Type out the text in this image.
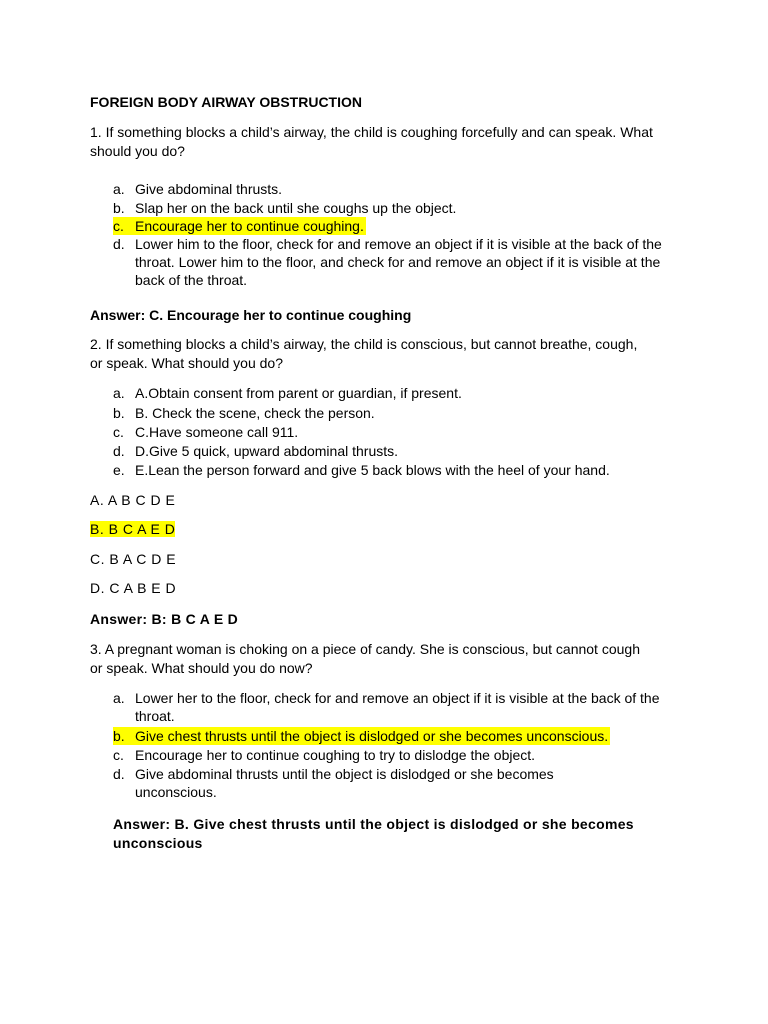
FOREIGN BODY AIRWAY OBSTRUCTION

1. If something blocks a child’s airway, the child is coughing forcefully and can speak. What should you do?

a. Give abdominal thrusts.
b. Slap her on the back until she coughs up the object.
c. Encourage her to continue coughing.
d. Lower him to the floor, check for and remove an object if it is visible at the back of the throat. Lower him to the floor, and check for and remove an object if it is visible at the back of the throat.

Answer: C. Encourage her to continue coughing

2. If something blocks a child’s airway, the child is conscious, but cannot breathe, cough, or speak. What should you do?

a. A.Obtain consent from parent or guardian, if present.
b. B. Check the scene, check the person.
c. C.Have someone call 911.
d. D.Give 5 quick, upward abdominal thrusts.
e. E.Lean the person forward and give 5 back blows with the heel of your hand.

A. A B C D E

B. B C A E D

C. B A C D E

D. C A B E D

Answer: B: B C A E D

3. A pregnant woman is choking on a piece of candy. She is conscious, but cannot cough or speak. What should you do now?

a. Lower her to the floor, check for and remove an object if it is visible at the back of the throat.
b. Give chest thrusts until the object is dislodged or she becomes unconscious.
c. Encourage her to continue coughing to try to dislodge the object.
d. Give abdominal thrusts until the object is dislodged or she becomes unconscious.

Answer: B. Give chest thrusts until the object is dislodged or she becomes unconscious
